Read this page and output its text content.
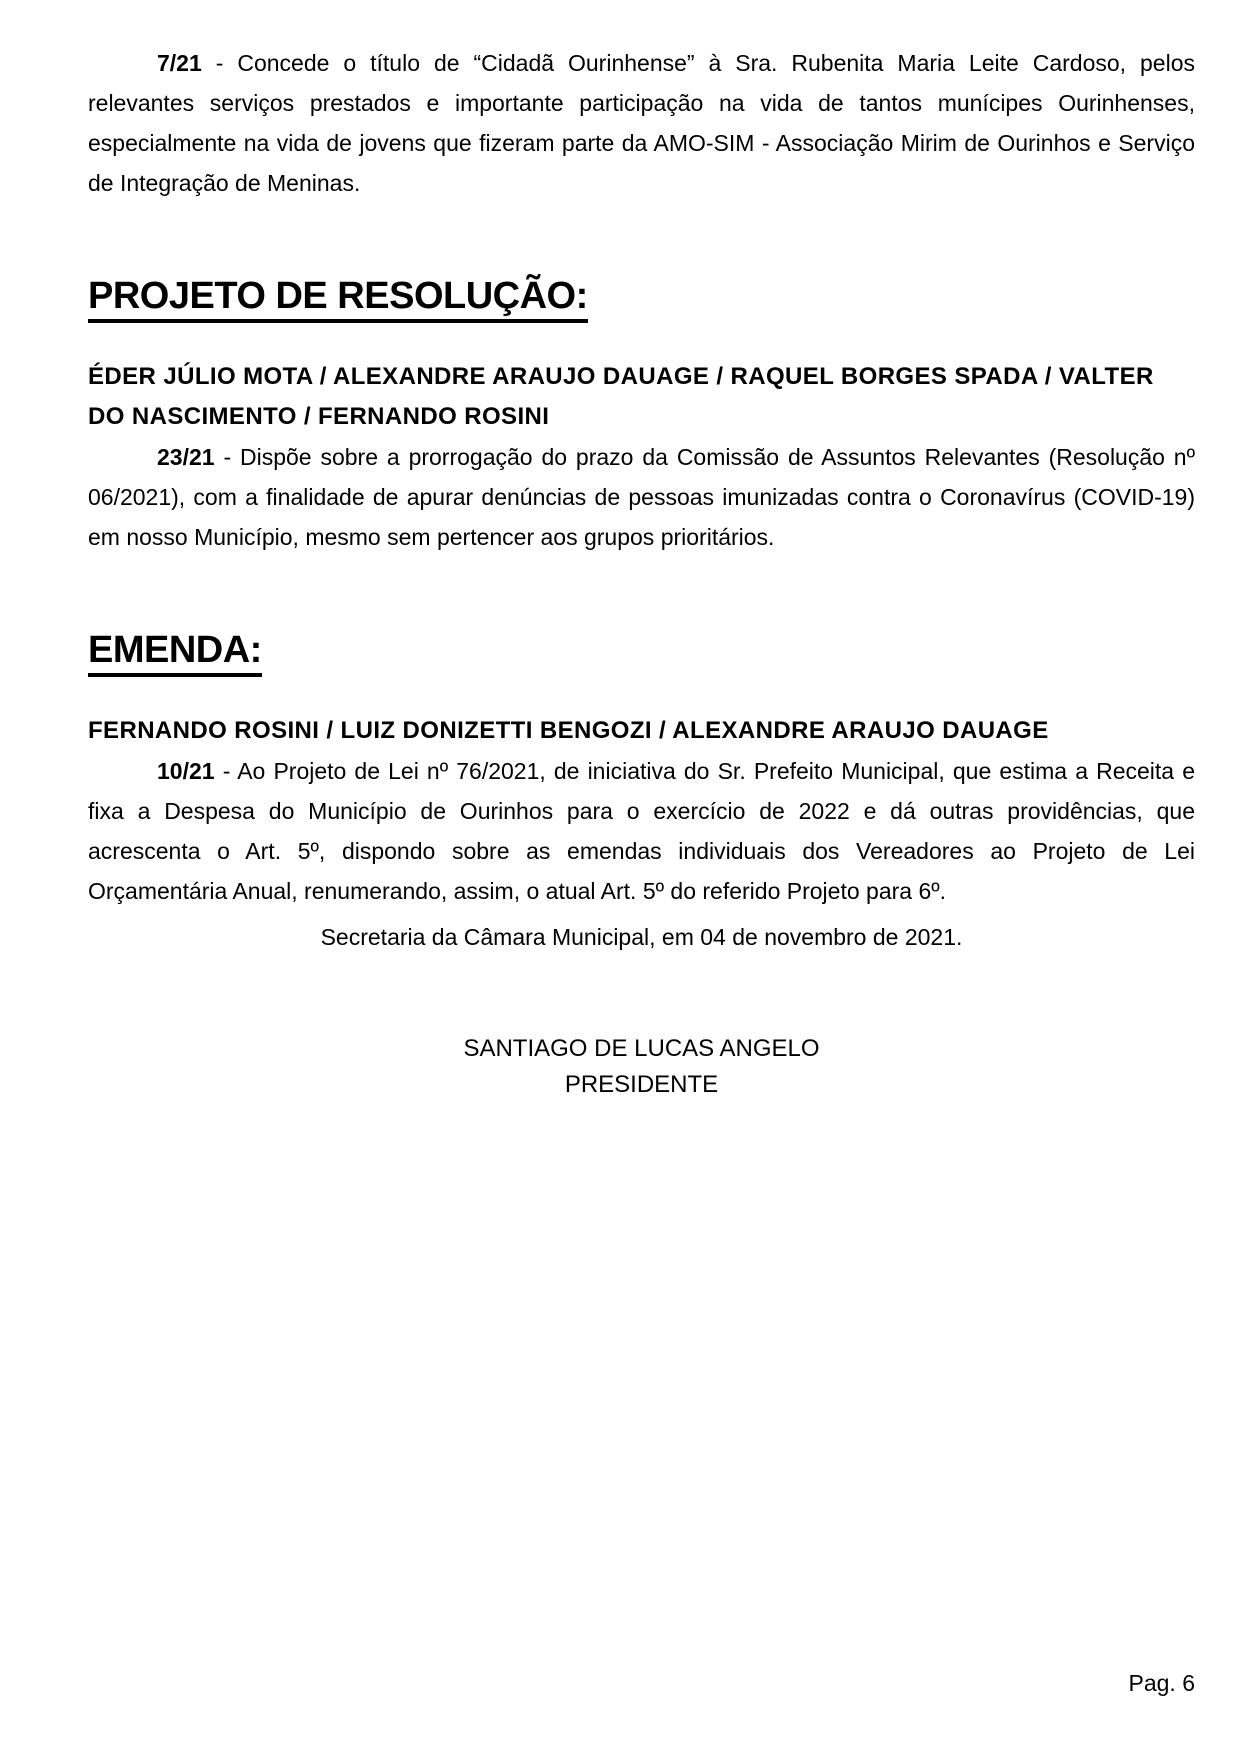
7/21 - Concede o título de “Cidadã Ourinhense” à Sra. Rubenita Maria Leite Cardoso, pelos relevantes serviços prestados e importante participação na vida de tantos munícipes Ourinhenses, especialmente na vida de jovens que fizeram parte da AMO-SIM - Associação Mirim de Ourinhos e Serviço de Integração de Meninas.

PROJETO DE RESOLUÇÃO:

ÉDER JÚLIO MOTA / ALEXANDRE ARAUJO DAUAGE / RAQUEL BORGES SPADA / VALTER DO NASCIMENTO / FERNANDO ROSINI

23/21 - Dispõe sobre a prorrogação do prazo da Comissão de Assuntos Relevantes (Resolução nº 06/2021), com a finalidade de apurar denúncias de pessoas imunizadas contra o Coronavírus (COVID-19) em nosso Município, mesmo sem pertencer aos grupos prioritários.

EMENDA:

FERNANDO ROSINI / LUIZ DONIZETTI BENGOZI / ALEXANDRE ARAUJO DAUAGE

10/21 - Ao Projeto de Lei nº 76/2021, de iniciativa do Sr. Prefeito Municipal, que estima a Receita e fixa a Despesa do Município de Ourinhos para o exercício de 2022 e dá outras providências, que acrescenta o Art. 5º, dispondo sobre as emendas individuais dos Vereadores ao Projeto de Lei Orçamentária Anual, renumerando, assim, o atual Art. 5º do referido Projeto para 6º.

Secretaria da Câmara Municipal, em 04 de novembro de 2021.

SANTIAGO DE LUCAS ANGELO
PRESIDENTE
Pag. 6
